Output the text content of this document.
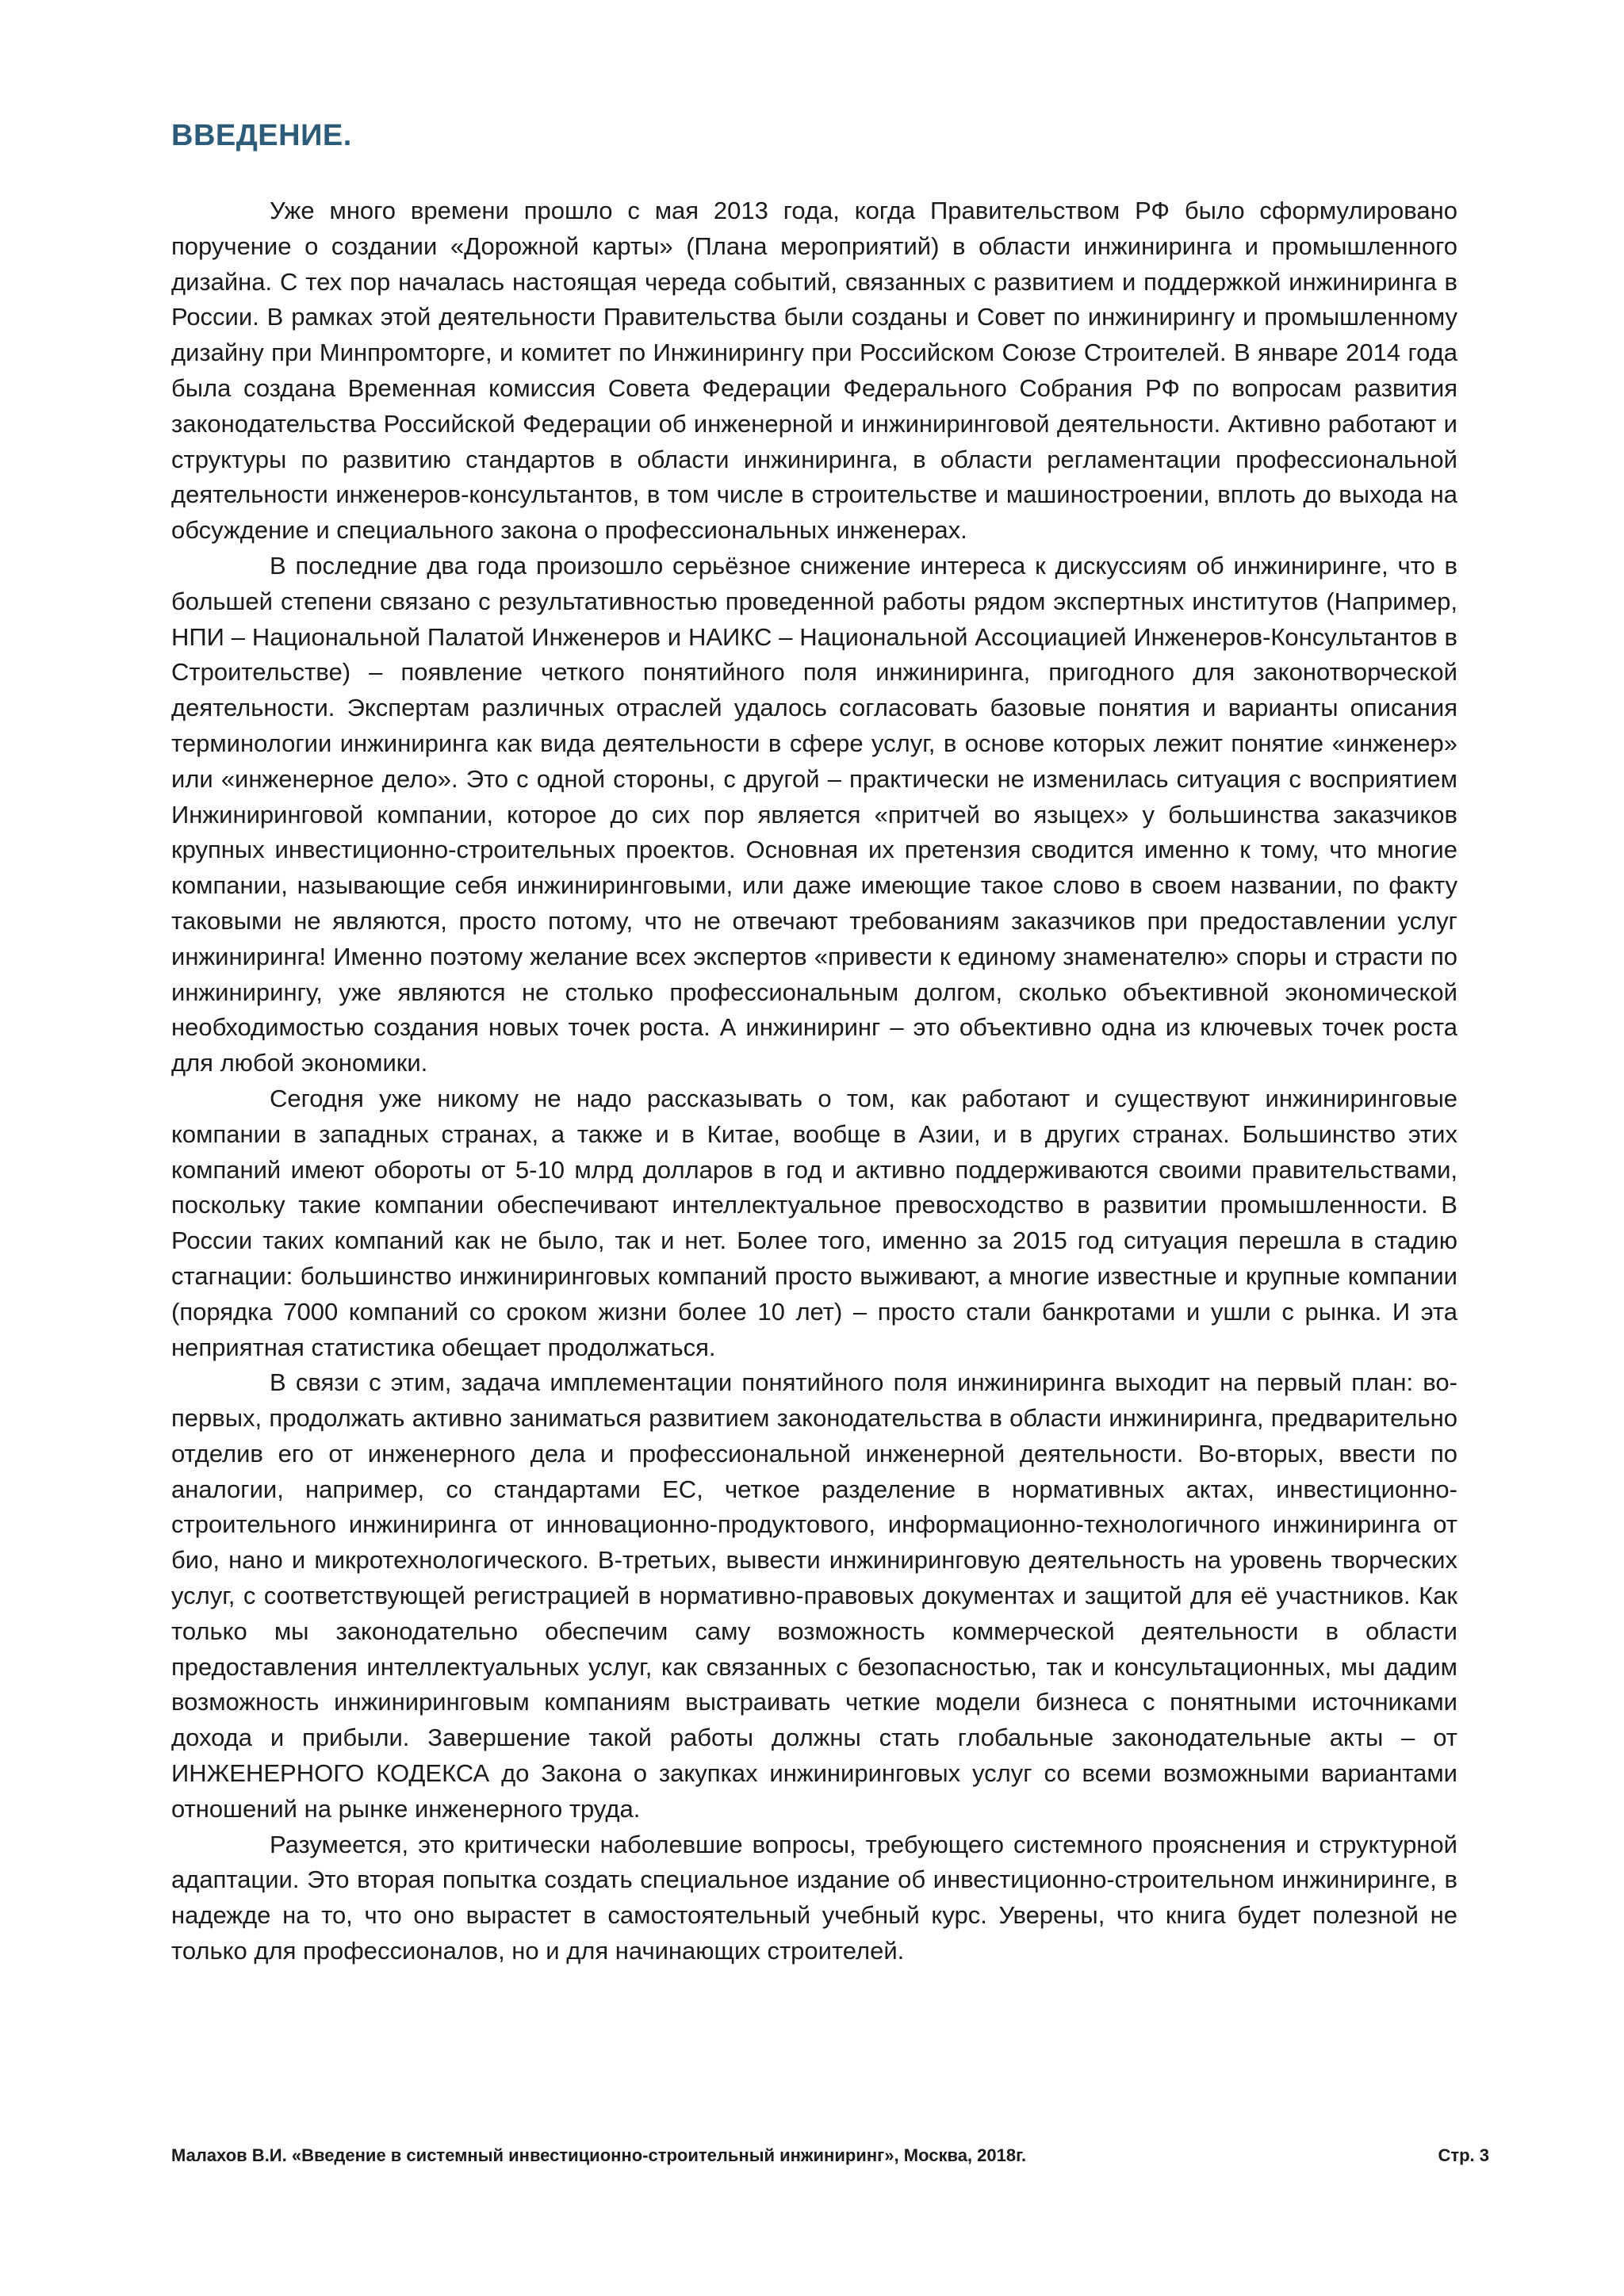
ВВЕДЕНИЕ.

Уже много времени прошло с мая 2013 года, когда Правительством РФ было сформулировано поручение о создании «Дорожной карты» (Плана мероприятий) в области инжиниринга и промышленного дизайна. С тех пор началась настоящая череда событий, связанных с развитием и поддержкой инжиниринга в России. В рамках этой деятельности Правительства были созданы и Совет по инжинирингу и промышленному дизайну при Минпромторге, и комитет по Инжинирингу при Российском Союзе Строителей. В январе 2014 года была создана Временная комиссия Совета Федерации Федерального Собрания РФ по вопросам развития законодательства Российской Федерации об инженерной и инжиниринговой деятельности. Активно работают и структуры по развитию стандартов в области инжиниринга, в области регламентации профессиональной деятельности инженеров-консультантов, в том числе в строительстве и машиностроении, вплоть до выхода на обсуждение и специального закона о профессиональных инженерах.

В последние два года произошло серьёзное снижение интереса к дискуссиям об инжиниринге, что в большей степени связано с результативностью проведенной работы рядом экспертных институтов (Например, НПИ – Национальной Палатой Инженеров и НАИКС – Национальной Ассоциацией Инженеров-Консультантов в Строительстве) – появление четкого понятийного поля инжиниринга, пригодного для законотворческой деятельности. Экспертам различных отраслей удалось согласовать базовые понятия и варианты описания терминологии инжиниринга как вида деятельности в сфере услуг, в основе которых лежит понятие «инженер» или «инженерное дело». Это с одной стороны, с другой – практически не изменилась ситуация с восприятием Инжиниринговой компании, которое до сих пор является «притчей во языцех» у большинства заказчиков крупных инвестиционно-строительных проектов. Основная их претензия сводится именно к тому, что многие компании, называющие себя инжиниринговыми, или даже имеющие такое слово в своем названии, по факту таковыми не являются, просто потому, что не отвечают требованиям заказчиков при предоставлении услуг инжиниринга! Именно поэтому желание всех экспертов «привести к единому знаменателю» споры и страсти по инжинирингу, уже являются не столько профессиональным долгом, сколько объективной экономической необходимостью создания новых точек роста. А инжиниринг – это объективно одна из ключевых точек роста для любой экономики.

Сегодня уже никому не надо рассказывать о том, как работают и существуют инжиниринговые компании в западных странах, а также и в Китае, вообще в Азии, и в других странах. Большинство этих компаний имеют обороты от 5-10 млрд долларов в год и активно поддерживаются своими правительствами, поскольку такие компании обеспечивают интеллектуальное превосходство в развитии промышленности. В России таких компаний как не было, так и нет. Более того, именно за 2015 год ситуация перешла в стадию стагнации: большинство инжиниринговых компаний просто выживают, а многие известные и крупные компании (порядка 7000 компаний со сроком жизни более 10 лет) – просто стали банкротами и ушли с рынка. И эта неприятная статистика обещает продолжаться.

В связи с этим, задача имплементации понятийного поля инжиниринга выходит на первый план: во-первых, продолжать активно заниматься развитием законодательства в области инжиниринга, предварительно отделив его от инженерного дела и профессиональной инженерной деятельности. Во-вторых, ввести по аналогии, например, со стандартами ЕС, четкое разделение в нормативных актах, инвестиционно-строительного инжиниринга от инновационно-продуктового, информационно-технологичного инжиниринга от био, нано и микротехнологического. В-третьих, вывести инжиниринговую деятельность на уровень творческих услуг, с соответствующей регистрацией в нормативно-правовых документах и защитой для её участников. Как только мы законодательно обеспечим саму возможность коммерческой деятельности в области предоставления интеллектуальных услуг, как связанных с безопасностью, так и консультационных, мы дадим возможность инжиниринговым компаниям выстраивать четкие модели бизнеса с понятными источниками дохода и прибыли. Завершение такой работы должны стать глобальные законодательные акты – от ИНЖЕНЕРНОГО КОДЕКСА до Закона о закупках инжиниринговых услуг со всеми возможными вариантами отношений на рынке инженерного труда.

Разумеется, это критически наболевшие вопросы, требующего системного прояснения и структурной адаптации. Это вторая попытка создать специальное издание об инвестиционно-строительном инжиниринге, в надежде на то, что оно вырастет в самостоятельный учебный курс. Уверены, что книга будет полезной не только для профессионалов, но и для начинающих строителей.

Малахов В.И. «Введение в системный инвестиционно-строительный инжиниринг», Москва, 2018г.	Стр. 3
